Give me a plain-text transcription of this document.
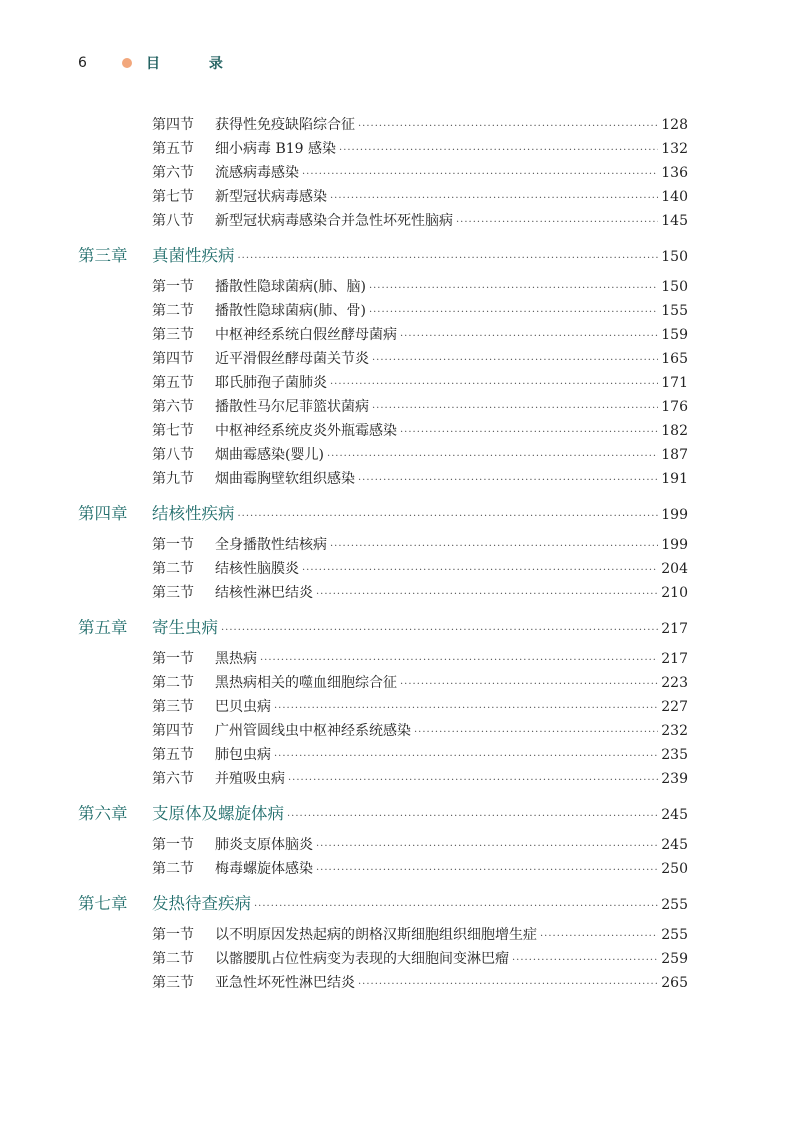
6	目 录
第四节	获得性免疫缺陷综合征 ·····	128
第五节	细小病毒 B19 感染 ·····	132
第六节	流感病毒感染 ·····	136
第七节	新型冠状病毒感染 ·····	140
第八节	新型冠状病毒感染合并急性坏死性脑病 ·····	145
第三章	真菌性疾病 ·····	150
第一节	播散性隐球菌病(肺、脑) ·····	150
第二节	播散性隐球菌病(肺、骨) ·····	155
第三节	中枢神经系统白假丝酵母菌病 ·····	159
第四节	近平滑假丝酵母菌关节炎 ·····	165
第五节	耶氏肺孢子菌肺炎 ·····	171
第六节	播散性马尔尼菲篮状菌病 ·····	176
第七节	中枢神经系统皮炎外瓶霉感染 ·····	182
第八节	烟曲霉感染(婴儿) ·····	187
第九节	烟曲霉胸壁软组织感染 ·····	191
第四章	结核性疾病 ·····	199
第一节	全身播散性结核病 ·····	199
第二节	结核性脑膜炎 ·····	204
第三节	结核性淋巴结炎 ·····	210
第五章	寄生虫病 ·····	217
第一节	黑热病 ·····	217
第二节	黑热病相关的噬血细胞综合征 ·····	223
第三节	巴贝虫病 ·····	227
第四节	广州管圆线虫中枢神经系统感染 ·····	232
第五节	肺包虫病 ·····	235
第六节	并殖吸虫病 ·····	239
第六章	支原体及螺旋体病 ·····	245
第一节	肺炎支原体脑炎 ·····	245
第二节	梅毒螺旋体感染 ·····	250
第七章	发热待查疾病 ·····	255
第一节	以不明原因发热起病的朗格汉斯细胞组织细胞增生症 ·····	255
第二节	以髂腰肌占位性病变为表现的大细胞间变淋巴瘤 ·····	259
第三节	亚急性坏死性淋巴结炎 ·····	265
